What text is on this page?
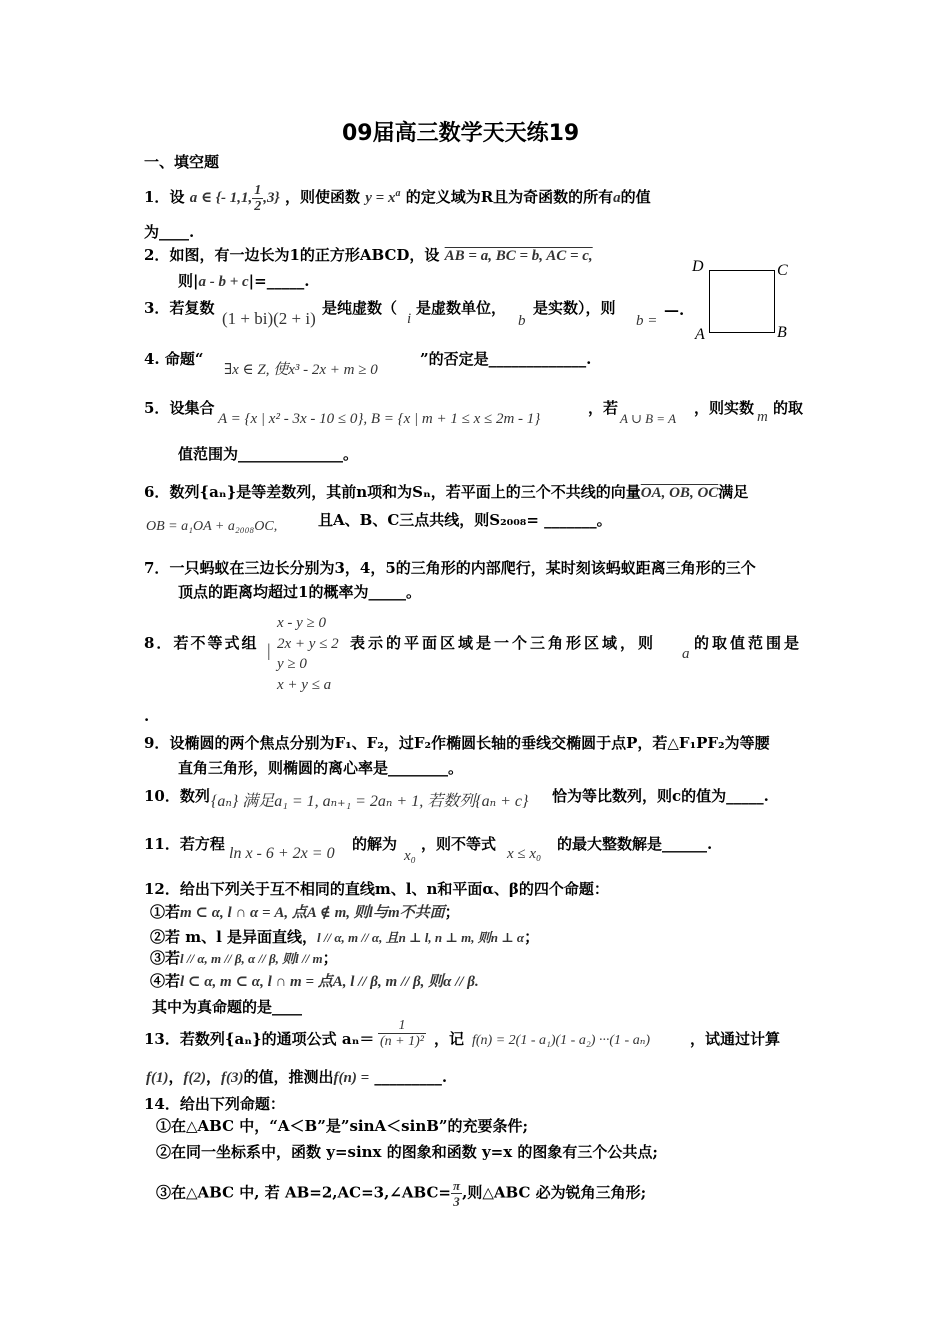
09届高三数学天天练19
一、填空题
1．设 a ∈ {- 1,1, $\frac{1}{2} ,3$} ，则使函数 $y = x^a$ 的定义域为R且为奇函数的所有a的值
为____.
2．如图，有一边长为1的正方形ABCD，设 AB = a, BC = b, AC = c,
则|a - b + c|=_____.
D	C
A	B
3．若复数
(1 + bi)(2 + i)
是纯虚数（
i
是虚数单位，
b
是实数），则
b =
—.
4. 命题“
∃x ∈ Z, 使x³ - 2x + m ≥ 0
”的否定是_____________.
5．设集合
A = {x | x² - 3x - 10 ≤ 0}, B = {x | m + 1 ≤ x ≤ 2m - 1}
，若
A ∪ B = A
，则实数 m 的取
值范围为______________。
6．数列{aₙ}是等差数列，其前n项和为Sₙ，若平面上的三个不共线的向量OA, OB, OC满足
OB = a₁OA + a₂₀₀₈OC,	且A、B、C三点共线，则S₂₀₀₈= _______。
7．一只蚂蚁在三边长分别为3，4，5的三角形的内部爬行，某时刻该蚂蚁距离三角形的三个
顶点的距离均超过1的概率为_____。
8．若不等式组 |
x - y ≥ 0
2x + y ≤ 2
y ≥ 0
x + y ≤ a
表示的平面区域是一个三角形区域，则
a
的取值范围是
.
9．设椭圆的两个焦点分别为F₁、F₂，过F₂作椭圆长轴的垂线交椭圆于点P，若△F₁PF₂为等腰
直角三角形，则椭圆的离心率是________。
10．数列 {aₙ} 满足a₁ = 1, aₙ₊₁ = 2aₙ + 1, 若数列{aₙ + c} 恰为等比数列，则c的值为_____.
11．若方程
ln x - 6 + 2x = 0
的解为
x₀
，则不等式
x ≤ x₀
的最大整数解是______.
12．给出下列关于互不相同的直线m、l、n和平面α、β的四个命题：
①若m ⊂ α, l ∩ α = A, 点A ∉ m, 则l与m不共面；
②若 m、l 是异面直线，l // α, m // α, 且n ⊥ l, n ⊥ m, 则n ⊥ α；
③若l // α, m // β, α // β, 则l // m；
④若l ⊂ α, m ⊂ α, l ∩ m = 点A, l // β, m // β, 则α // β.
其中为真命题的是____
13．若数列{aₙ}的通项公式 $a_n= \frac{1}{\text{(n + 1)²}}$ ，记 f(n) = 2(1 - a₁)(1 - a₂) ···(1 - aₙ)	，试通过计算
f(1)，f(2)，f(3)的值，推测出f(n) = _________.
14．给出下列命题：
①在△ABC 中，“A＜B”是”sinA＜sinB”的充要条件;
②在同一坐标系中，函数 y=sinx 的图象和函数 y=x 的图象有三个公共点;
③在△ABC 中, 若 AB=2,AC=3,∠ABC= $\frac{\pi}{3}$ ,则△ABC 必为锐角三角形;
